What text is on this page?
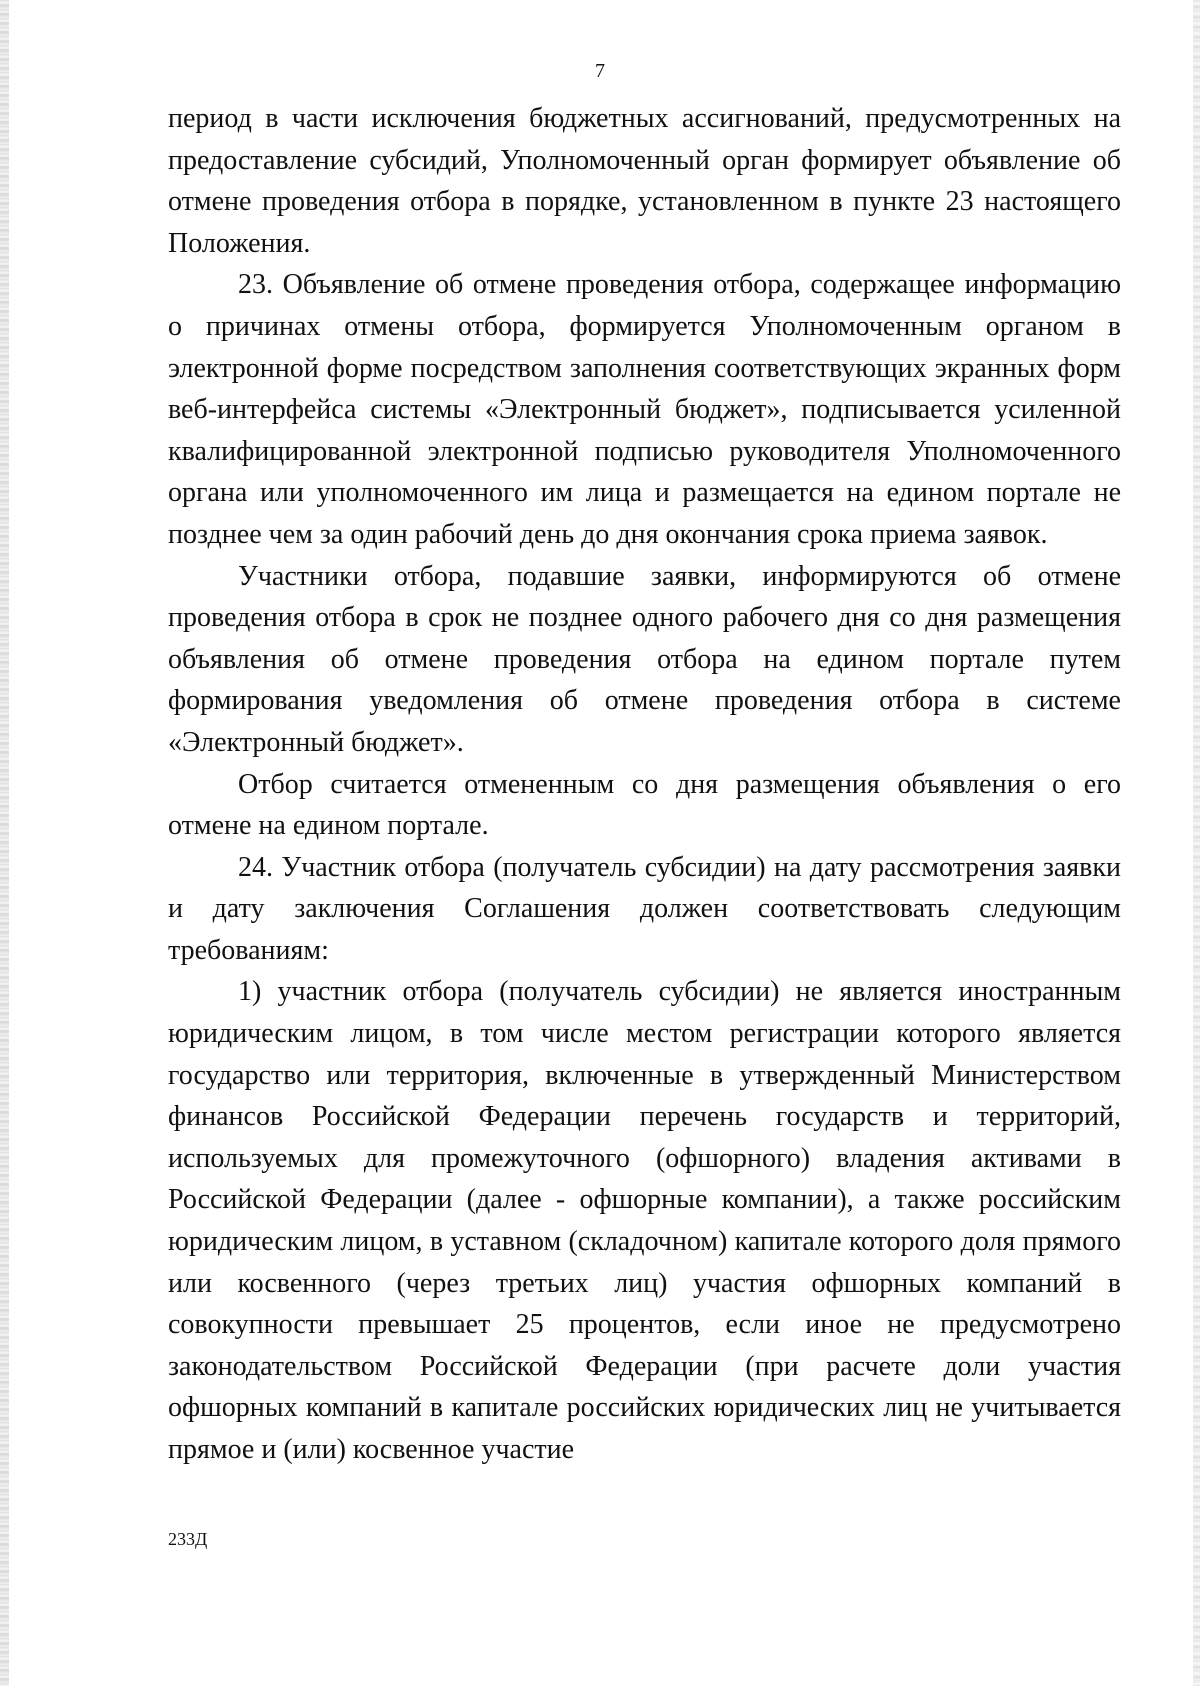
7

период в части исключения бюджетных ассигнований, предусмотренных на предоставление субсидий, Уполномоченный орган формирует объявление об отмене проведения отбора в порядке, установленном в пункте 23 настоящего Положения.

23. Объявление об отмене проведения отбора, содержащее информацию о причинах отмены отбора, формируется Уполномоченным органом в электронной форме посредством заполнения соответствующих экранных форм веб-интерфейса системы «Электронный бюджет», подписывается усиленной квалифицированной электронной подписью руководителя Уполномоченного органа или уполномоченного им лица и размещается на едином портале не позднее чем за один рабочий день до дня окончания срока приема заявок.

Участники отбора, подавшие заявки, информируются об отмене проведения отбора в срок не позднее одного рабочего дня со дня размещения объявления об отмене проведения отбора на едином портале путем формирования уведомления об отмене проведения отбора в системе «Электронный бюджет».

Отбор считается отмененным со дня размещения объявления о его отмене на едином портале.

24. Участник отбора (получатель субсидии) на дату рассмотрения заявки и дату заключения Соглашения должен соответствовать следующим требованиям:

1) участник отбора (получатель субсидии) не является иностранным юридическим лицом, в том числе местом регистрации которого является государство или территория, включенные в утвержденный Министерством финансов Российской Федерации перечень государств и территорий, используемых для промежуточного (офшорного) владения активами в Российской Федерации (далее - офшорные компании), а также российским юридическим лицом, в уставном (складочном) капитале которого доля прямого или косвенного (через третьих лиц) участия офшорных компаний в совокупности превышает 25 процентов, если иное не предусмотрено законодательством Российской Федерации (при расчете доли участия офшорных компаний в капитале российских юридических лиц не учитывается прямое и (или) косвенное участие

233Д
